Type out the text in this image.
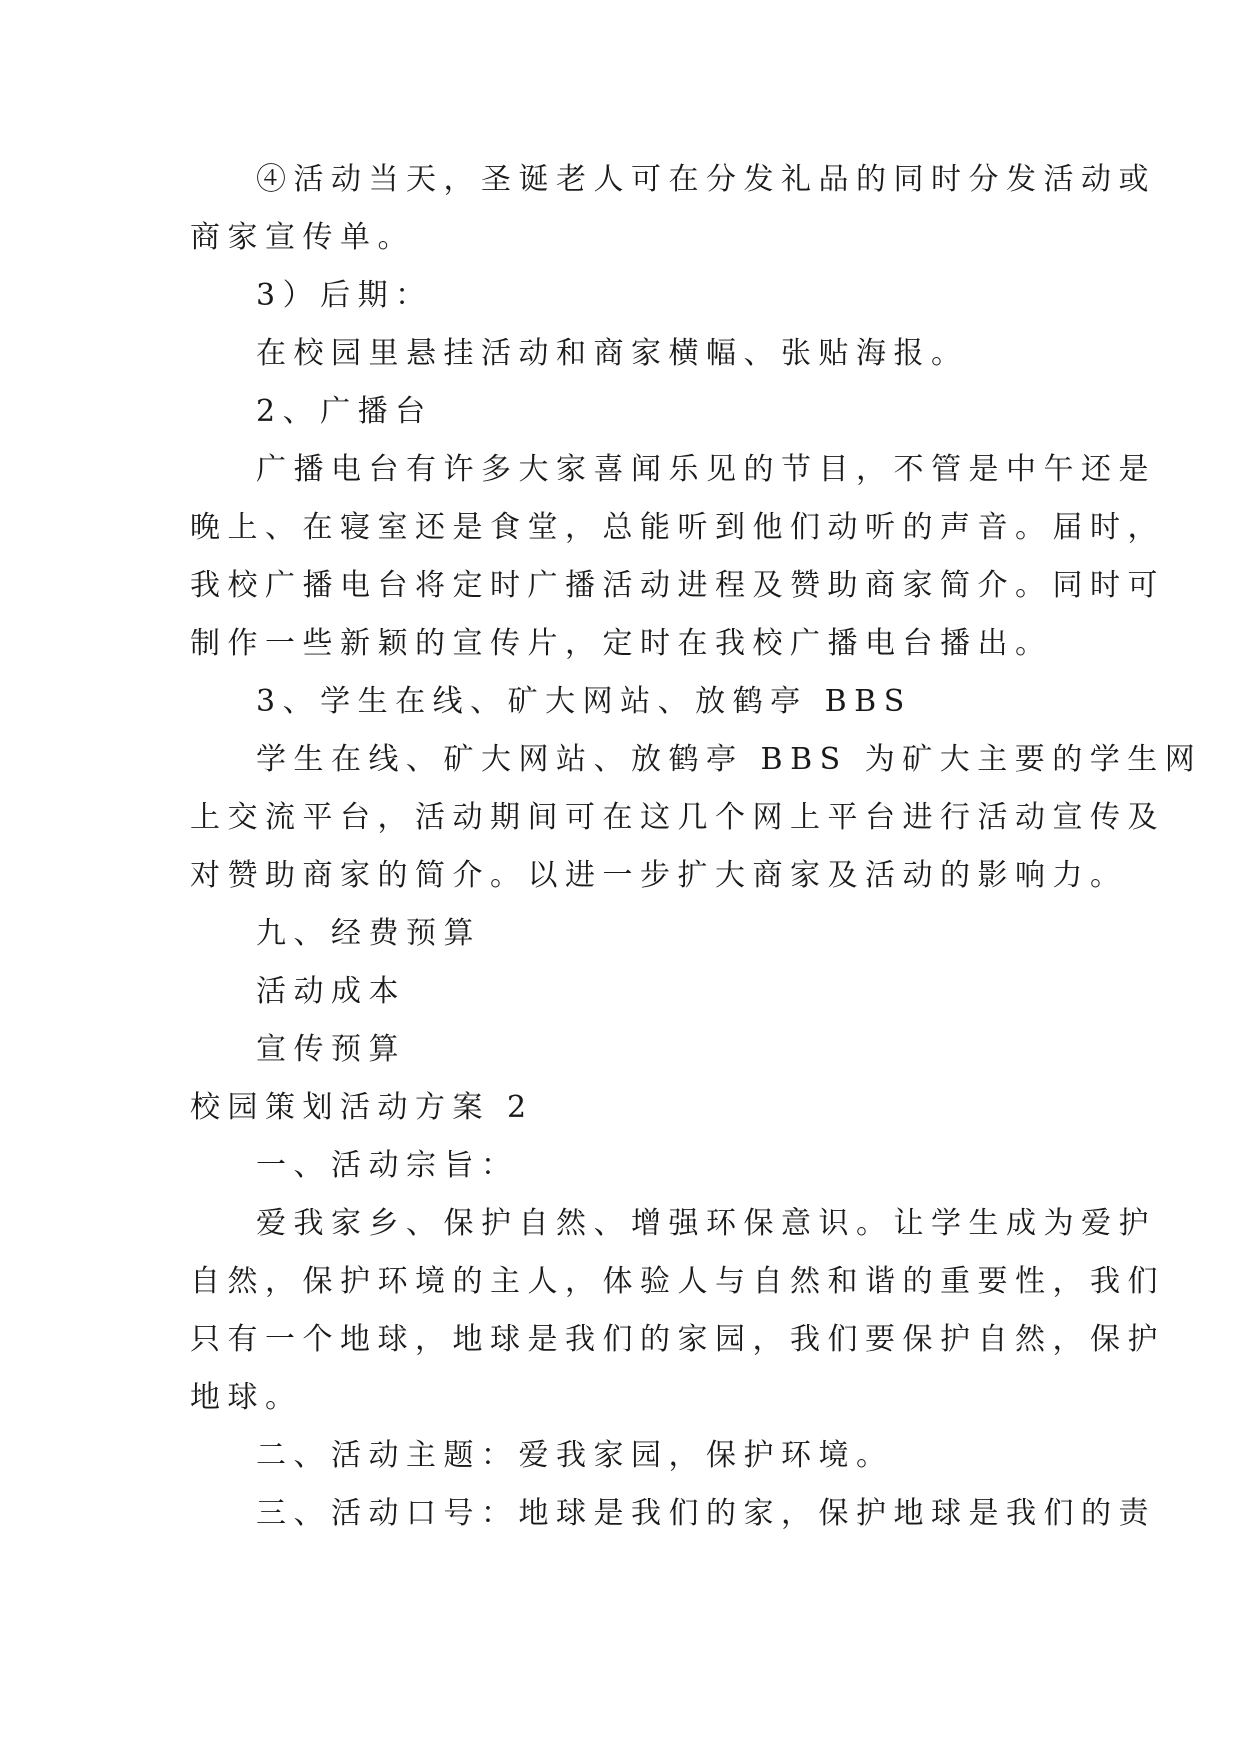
④活动当天，圣诞老人可在分发礼品的同时分发活动或
商家宣传单。
3）后期：
在校园里悬挂活动和商家横幅、张贴海报。
2、广播台
广播电台有许多大家喜闻乐见的节目，不管是中午还是
晚上、在寝室还是食堂，总能听到他们动听的声音。届时，
我校广播电台将定时广播活动进程及赞助商家简介。同时可
制作一些新颖的宣传片，定时在我校广播电台播出。
3、学生在线、矿大网站、放鹤亭 BBS
学生在线、矿大网站、放鹤亭 BBS 为矿大主要的学生网
上交流平台，活动期间可在这几个网上平台进行活动宣传及
对赞助商家的简介。以进一步扩大商家及活动的影响力。
九、经费预算
活动成本
宣传预算
校园策划活动方案 2
一、活动宗旨：
爱我家乡、保护自然、增强环保意识。让学生成为爱护
自然，保护环境的主人，体验人与自然和谐的重要性，我们
只有一个地球，地球是我们的家园，我们要保护自然，保护
地球。
二、活动主题：爱我家园，保护环境。
三、活动口号：地球是我们的家，保护地球是我们的责
